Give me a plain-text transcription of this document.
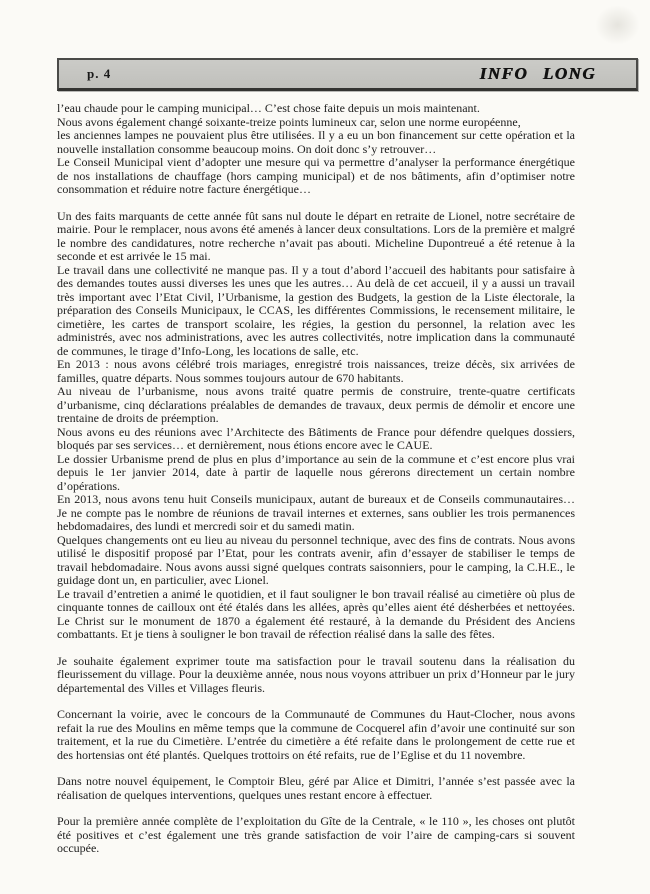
p. 4	INFO LONG

l’eau chaude pour le camping municipal… C’est chose faite depuis un mois maintenant.

Nous avons également changé soixante-treize points lumineux car, selon une norme européenne,

les anciennes lampes ne pouvaient plus être utilisées. Il y a eu un bon financement sur cette opération et la nouvelle installation consomme beaucoup moins. On doit donc s’y retrouver…

Le Conseil Municipal vient d’adopter une mesure qui va permettre d’analyser la performance énergétique de nos installations de chauffage (hors camping municipal) et de nos bâtiments, afin d’optimiser notre consommation et réduire notre facture énergétique…

Un des faits marquants de cette année fût sans nul doute le départ en retraite de Lionel, notre secrétaire de mairie. Pour le remplacer, nous avons été amenés à lancer deux consultations. Lors de la première et malgré le nombre des candidatures, notre recherche n’avait pas abouti. Micheline Dupontreué a été retenue à la seconde et est arrivée le 15 mai.

Le travail dans une collectivité ne manque pas. Il y a tout d’abord l’accueil des habitants pour satisfaire à des demandes toutes aussi diverses les unes que les autres… Au delà de cet accueil, il y a aussi un travail très important avec l’Etat Civil, l’Urbanisme, la gestion des Budgets, la gestion de la Liste électorale, la préparation des Conseils Municipaux, le CCAS, les différentes Commissions, le recensement militaire, le cimetière, les cartes de transport scolaire, les régies, la gestion du personnel, la relation avec les administrés, avec nos administrations, avec les autres collectivités, notre implication dans la communauté de communes, le tirage d’Info-Long, les locations de salle, etc.

En 2013 : nous avons célébré trois mariages, enregistré trois naissances, treize décès, six arrivées de familles, quatre départs. Nous sommes toujours autour de 670 habitants.

Au niveau de l’urbanisme, nous avons traité quatre permis de construire, trente-quatre certificats d’urbanisme, cinq déclarations préalables de demandes de travaux, deux permis de démolir et encore une trentaine de droits de préemption.

Nous avons eu des réunions avec l’Architecte des Bâtiments de France pour défendre quelques dossiers, bloqués par ses services… et dernièrement, nous étions encore avec le CAUE.

Le dossier Urbanisme prend de plus en plus d’importance au sein de la commune et c’est encore plus vrai depuis le 1er janvier 2014, date à partir de laquelle nous gérerons directement un certain nombre d’opérations.

En 2013, nous avons tenu huit Conseils municipaux, autant de bureaux et de Conseils communautaires… Je ne compte pas le nombre de réunions de travail internes et externes, sans oublier les trois permanences hebdomadaires, des lundi et mercredi soir et du samedi matin.

Quelques changements ont eu lieu au niveau du personnel technique, avec des fins de contrats. Nous avons utilisé le dispositif proposé par l’Etat, pour les contrats avenir, afin d’essayer de stabiliser le temps de travail hebdomadaire. Nous avons aussi signé quelques contrats saisonniers, pour le camping, la C.H.E., le guidage dont un, en particulier, avec Lionel.

Le travail d’entretien a animé le quotidien, et il faut souligner le bon travail réalisé au cimetière où plus de cinquante tonnes de cailloux ont été étalés dans les allées, après qu’elles aient été désherbées et nettoyées. Le Christ sur le monument de 1870 a également été restauré, à la demande du Président des Anciens combattants. Et je tiens à souligner le bon travail de réfection réalisé dans la salle des fêtes.

Je souhaite également exprimer toute ma satisfaction pour le travail soutenu dans la réalisation du fleurissement du village. Pour la deuxième année, nous nous voyons attribuer un prix d’Honneur par le jury départemental des Villes et Villages fleuris.

Concernant la voirie, avec le concours de la Communauté de Communes du Haut-Clocher, nous avons refait la rue des Moulins en même temps que la commune de Cocquerel afin d’avoir une continuité sur son traitement, et la rue du Cimetière. L’entrée du cimetière a été refaite dans le prolongement de cette rue et des hortensias ont été plantés. Quelques trottoirs on été refaits, rue de l’Eglise et du 11 novembre.

Dans notre nouvel équipement, le Comptoir Bleu, géré par Alice et Dimitri, l’année s’est passée avec la réalisation de quelques interventions, quelques unes restant encore à effectuer.

Pour la première année complète de l’exploitation du Gîte de la Centrale, « le 110 », les choses ont plutôt été positives et c’est également une très grande satisfaction de voir l’aire de camping-cars si souvent occupée.
